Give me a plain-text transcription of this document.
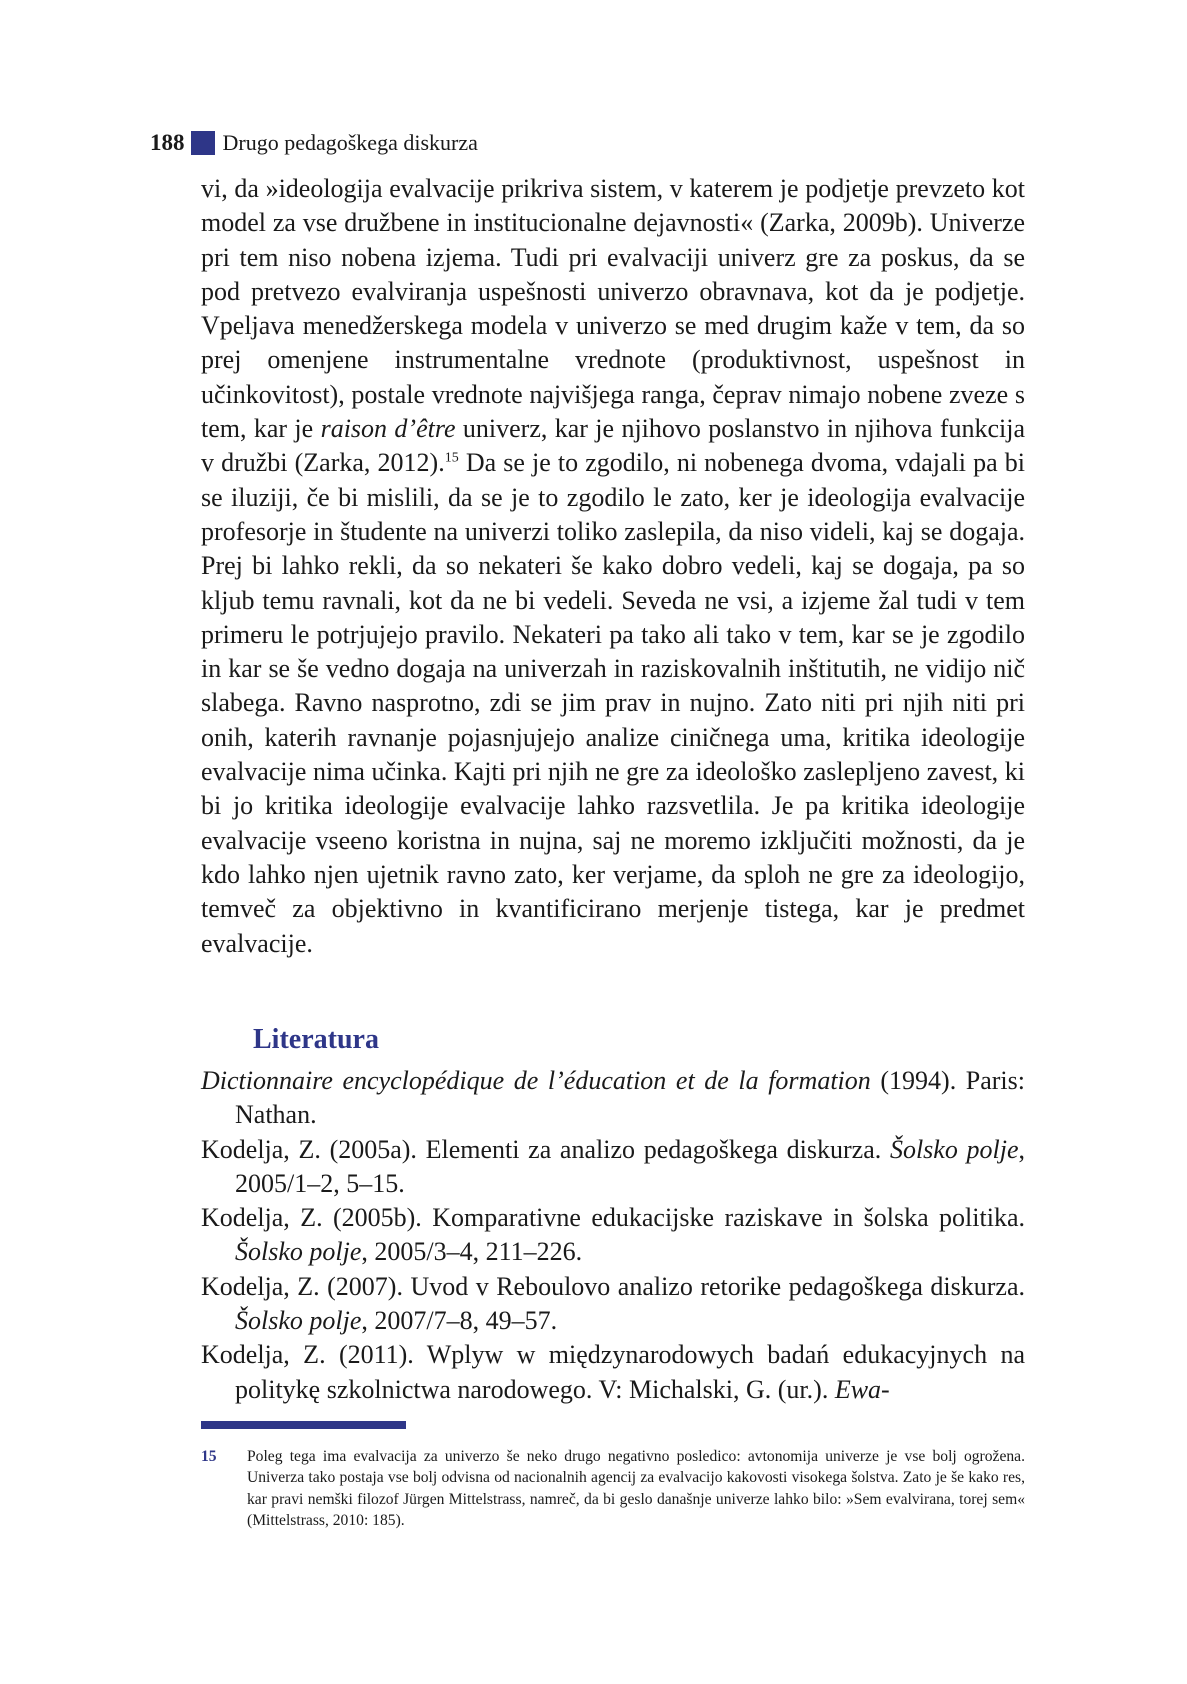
188 Drugo pedagoškega diskurza

vi, da »ideologija evalvacije prikriva sistem, v katerem je podjetje prevzeto kot model za vse družbene in institucionalne dejavnosti« (Zarka, 2009b). Univerze pri tem niso nobena izjema. Tudi pri evalvaciji univerz gre za poskus, da se pod pretvezo evalviranja uspešnosti univerzo obravnava, kot da je podjetje. Vpeljava menedžerskega modela v univerzo se med drugim kaže v tem, da so prej omenjene instrumentalne vrednote (produktivnost, uspešnost in učinkovitost), postale vrednote najvišjega ranga, čeprav nimajo nobene zveze s tem, kar je raison d’être univerz, kar je njihovo poslanstvo in njihova funkcija v družbi (Zarka, 2012).$^{15}$ Da se je to zgodilo, ni nobenega dvoma, vdajali pa bi se iluziji, če bi mislili, da se je to zgodilo le zato, ker je ideologija evalvacije profesorje in študente na univerzi toliko zaslepila, da niso videli, kaj se dogaja. Prej bi lahko rekli, da so nekateri še kako dobro vedeli, kaj se dogaja, pa so kljub temu ravnali, kot da ne bi vedeli. Seveda ne vsi, a izjeme žal tudi v tem primeru le potrjujejo pravilo. Nekateri pa tako ali tako v tem, kar se je zgodilo in kar se še vedno dogaja na univerzah in raziskovalnih inštitutih, ne vidijo nič slabega. Ravno nasprotno, zdi se jim prav in nujno. Zato niti pri njih niti pri onih, katerih ravnanje pojasnjujejo analize ciničnega uma, kritika ideologije evalvacije nima učinka. Kajti pri njih ne gre za ideološko zaslepljeno zavest, ki bi jo kritika ideologije evalvacije lahko razsvetlila. Je pa kritika ideologije evalvacije vseeno koristna in nujna, saj ne moremo izključiti možnosti, da je kdo lahko njen ujetnik ravno zato, ker verjame, da sploh ne gre za ideologijo, temveč za objektivno in kvantificirano merjenje tistega, kar je predmet evalvacije.

Literatura
Dictionnaire encyclopédique de l’éducation et de la formation (1994). Paris: Nathan.
Kodelja, Z. (2005a). Elementi za analizo pedagoškega diskurza. Šolsko polje, 2005/1–2, 5–15.
Kodelja, Z. (2005b). Komparativne edukacijske raziskave in šolska politika. Šolsko polje, 2005/3–4, 211–226.
Kodelja, Z. (2007). Uvod v Reboulovo analizo retorike pedagoškega diskurza. Šolsko polje, 2007/7–8, 49–57.
Kodelja, Z. (2011). Wplyw w międzynarodowych badań edukacyjnych na politykę szkolnictwa narodowego. V: Michalski, G. (ur.). Ewa-
15	Poleg tega ima evalvacija za univerzo še neko drugo negativno posledico: avtonomija univerze je vse bolj ogrožena. Univerza tako postaja vse bolj odvisna od nacionalnih agencij za evalvacijo kakovosti visokega šolstva. Zato je še kako res, kar pravi nemški filozof Jürgen Mittelstrass, namreč, da bi geslo današnje univerze lahko bilo: »Sem evalvirana, torej sem« (Mittelstrass, 2010: 185).
